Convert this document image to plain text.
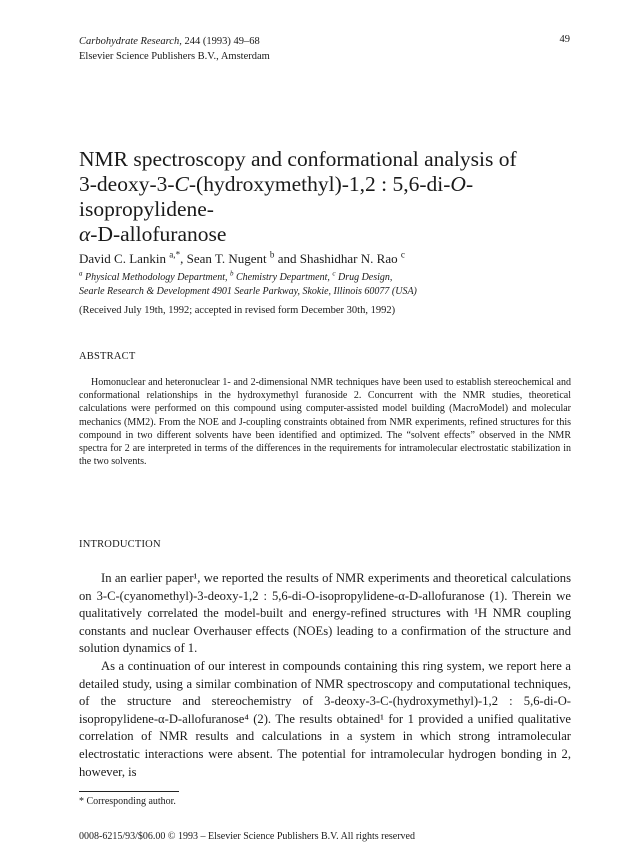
Carbohydrate Research, 244 (1993) 49–68
Elsevier Science Publishers B.V., Amsterdam
49
NMR spectroscopy and conformational analysis of
3-deoxy-3-C-(hydroxymethyl)-1,2 : 5,6-di-O-isopropylidene-
α-D-allofuranose
David C. Lankin $^{a,*}$, Sean T. Nugent $^b$ and Shashidhar N. Rao $^c$
$^a$ Physical Methodology Department, $^b$ Chemistry Department, $^c$ Drug Design,
Searle Research & Development 4901 Searle Parkway, Skokie, Illinois 60077 (USA)
(Received July 19th, 1992; accepted in revised form December 30th, 1992)
ABSTRACT
Homonuclear and heteronuclear 1- and 2-dimensional NMR techniques have been used to establish stereochemical and conformational relationships in the hydroxymethyl furanoside 2. Concurrent with the NMR studies, theoretical calculations were performed on this compound using computer-assisted model building (MacroModel) and molecular mechanics (MM2). From the NOE and J-coupling constraints obtained from NMR experiments, refined structures for this compound in two different solvents have been identified and optimized. The “solvent effects” observed in the NMR spectra for 2 are interpreted in terms of the differences in the requirements for intramolecular electrostatic stabilization in the two solvents.
INTRODUCTION

In an earlier paper¹, we reported the results of NMR experiments and theoretical calculations on 3-C-(cyanomethyl)-3-deoxy-1,2 : 5,6-di-O-isopropylidene-α-D-allofuranose (1). Therein we qualitatively correlated the model-built and energy-refined structures with ¹H NMR coupling constants and nuclear Overhauser effects (NOEs) leading to a confirmation of the structure and solution dynamics of 1.

As a continuation of our interest in compounds containing this ring system, we report here a detailed study, using a similar combination of NMR spectroscopy and computational techniques, of the structure and stereochemistry of 3-deoxy-3-C-(hydroxymethyl)-1,2 : 5,6-di-O-isopropylidene-α-D-allofuranose⁴ (2). The results obtained¹ for 1 provided a unified qualitative correlation of NMR results and calculations in a system in which strong intramolecular electrostatic interactions were absent. The potential for intramolecular hydrogen bonding in 2, however, is

* Corresponding author.
0008-6215/93/$06.00 © 1993 – Elsevier Science Publishers B.V. All rights reserved
